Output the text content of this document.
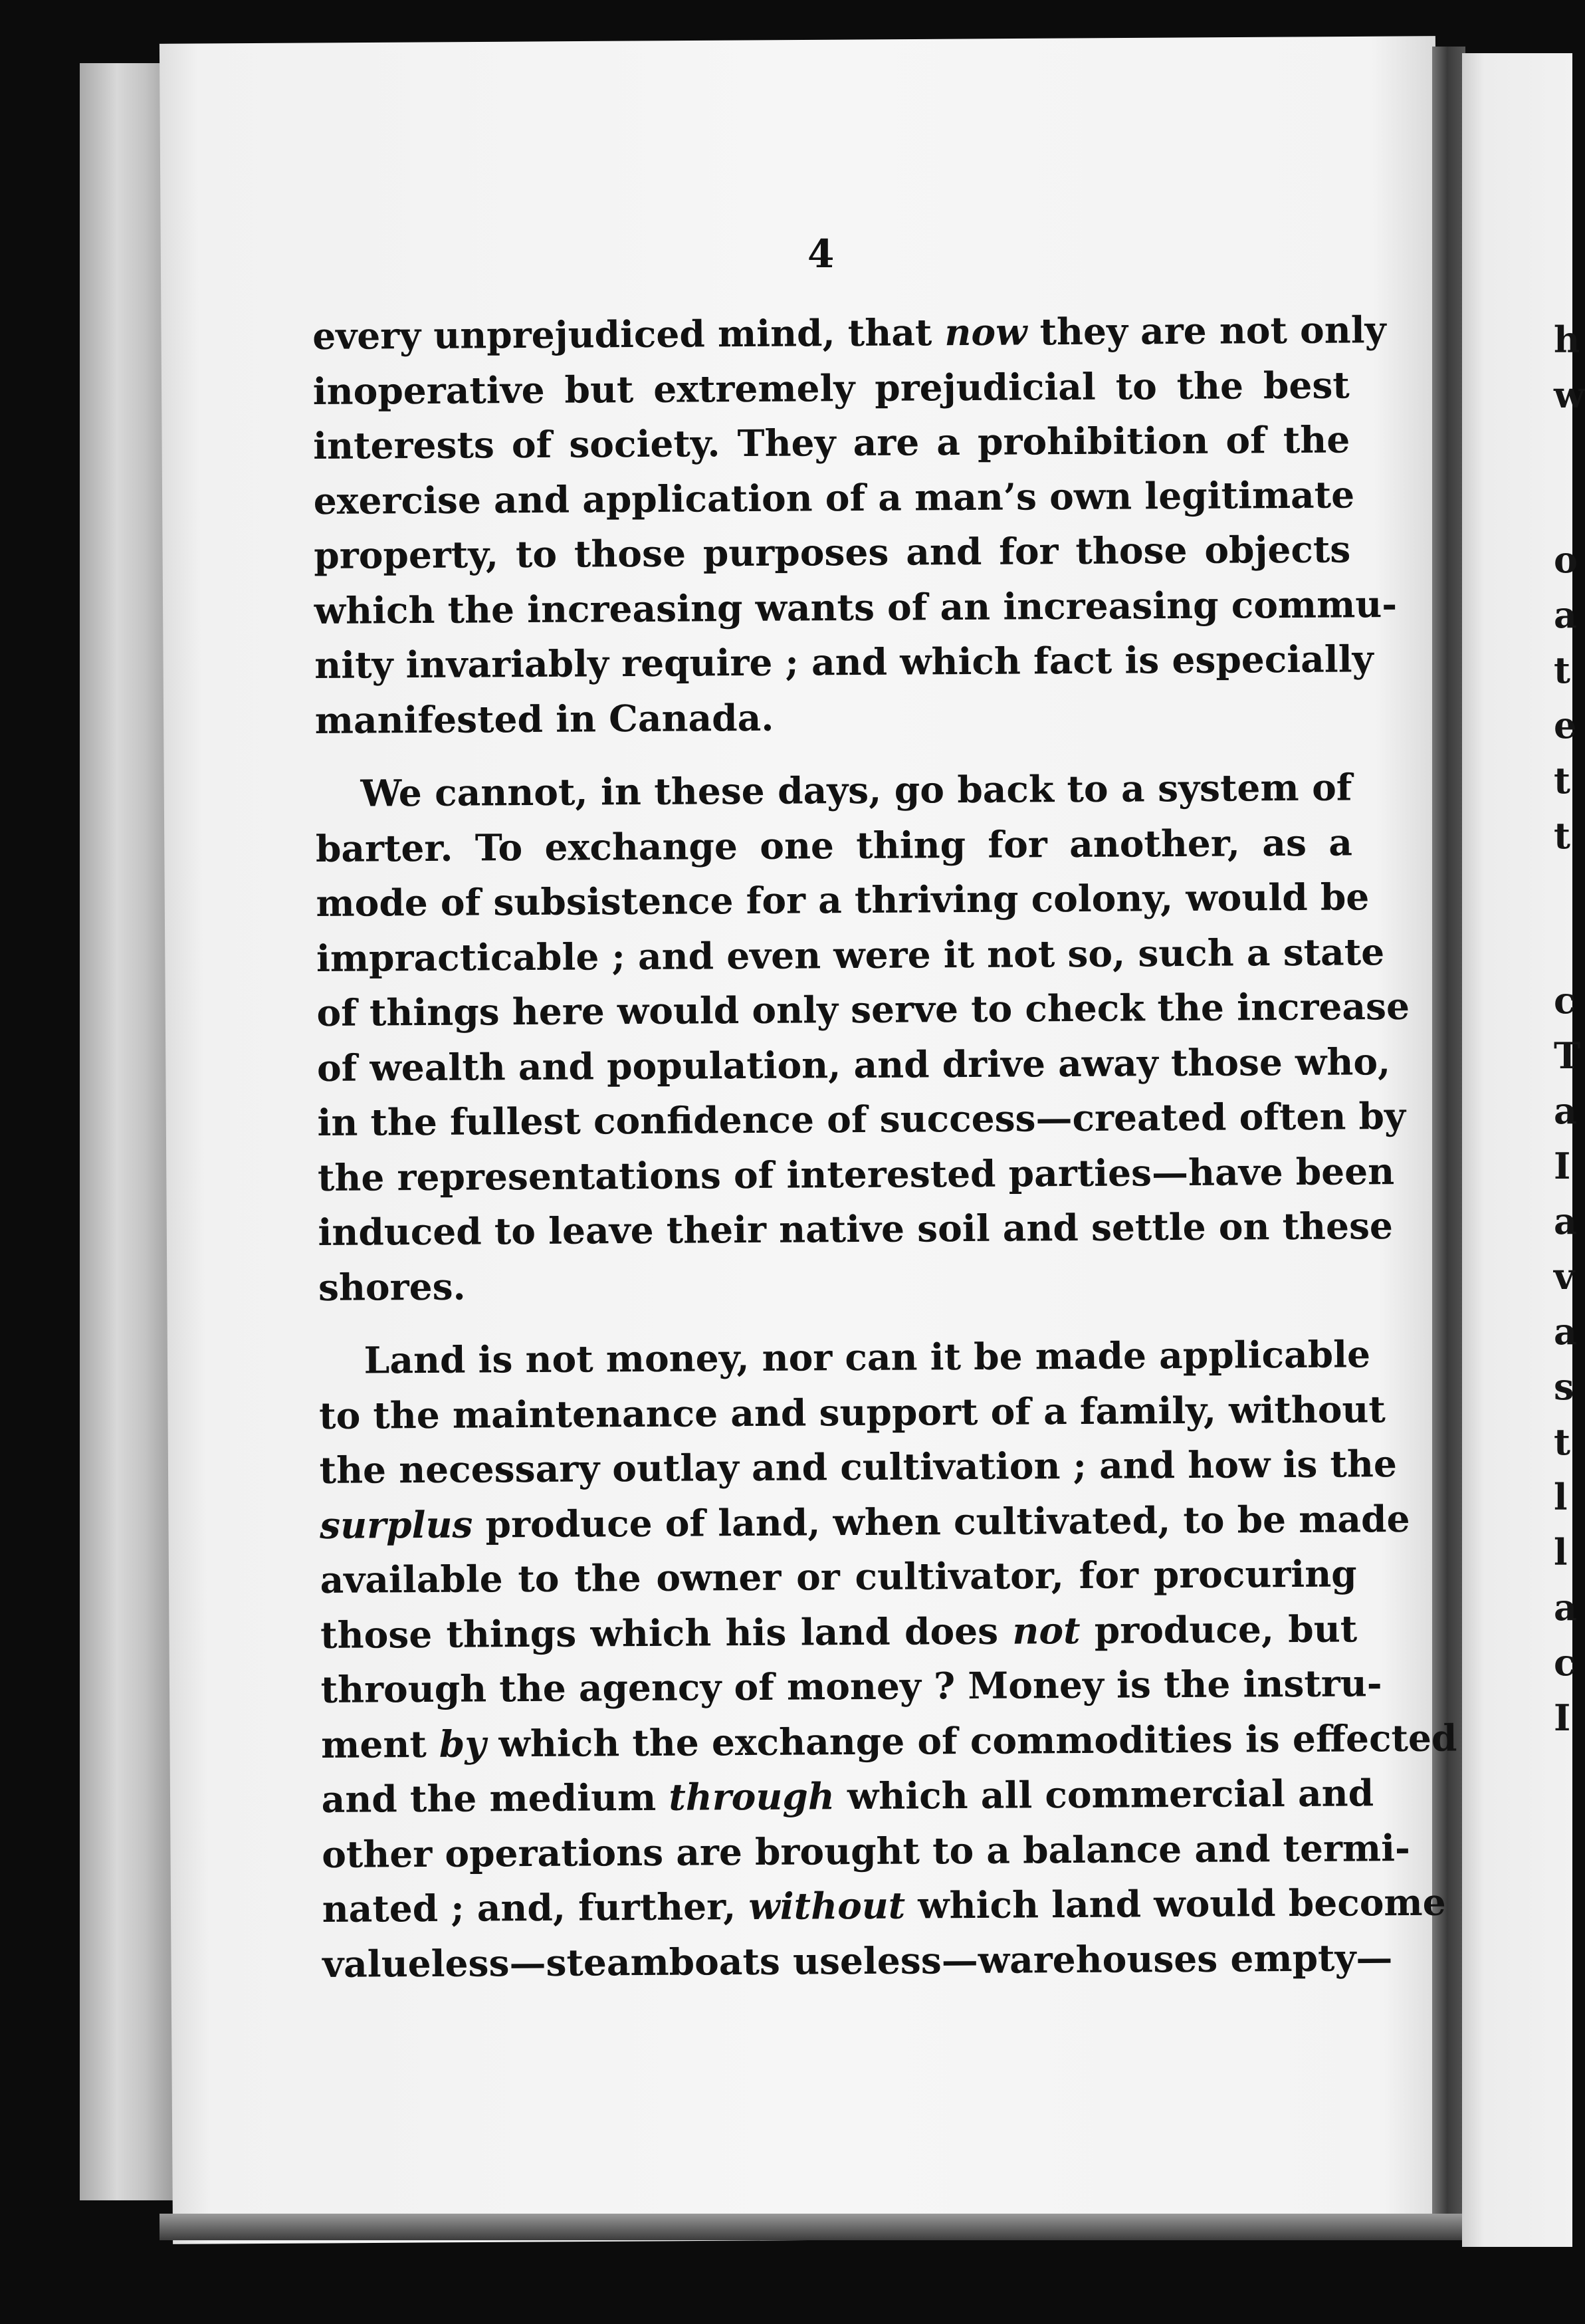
h
w
o
a
t
e
t
t
c
T
a
I
a
v
a
s
t
l
l
a
c
I
4
every unprejudiced mind, that now they are not only
inoperative but extremely prejudicial to the best
interests of society. They are a prohibition of the
exercise and application of a man’s own legitimate
property, to those purposes and for those objects
which the increasing wants of an increasing commu-
nity invariably require ; and which fact is especially
manifested in Canada.
We cannot, in these days, go back to a system of
barter. To exchange one thing for another, as a
mode of subsistence for a thriving colony, would be
impracticable ; and even were it not so, such a state
of things here would only serve to check the increase
of wealth and population, and drive away those who,
in the fullest confidence of success—created often by
the representations of interested parties—have been
induced to leave their native soil and settle on these
shores.
Land is not money, nor can it be made applicable
to the maintenance and support of a family, without
the necessary outlay and cultivation ; and how is the
surplus produce of land, when cultivated, to be made
available to the owner or cultivator, for procuring
those things which his land does not produce, but
through the agency of money ? Money is the instru-
ment by which the exchange of commodities is effected
and the medium through which all commercial and
other operations are brought to a balance and termi-
nated ; and, further, without which land would become
valueless—steamboats useless—warehouses empty—
